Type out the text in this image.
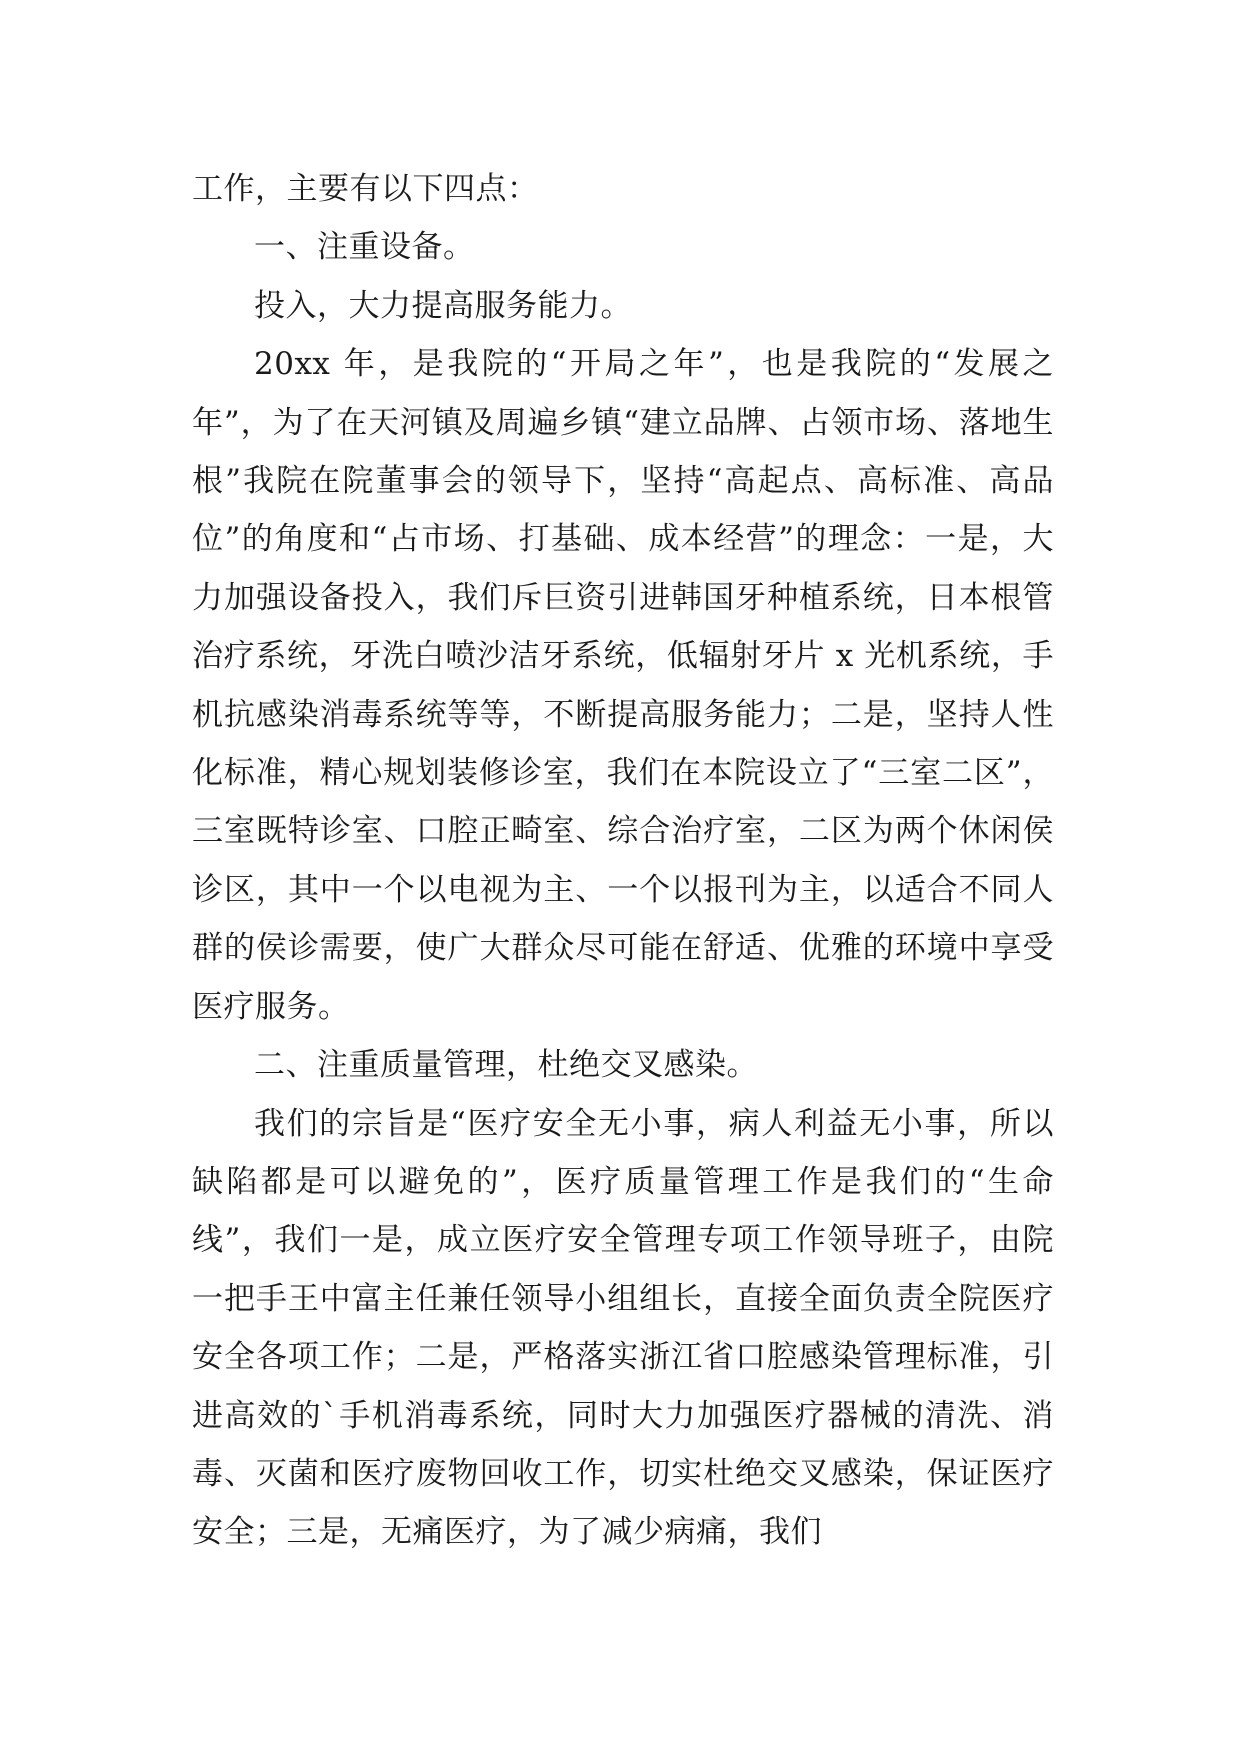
工作，主要有以下四点：

一、注重设备。

投入，大力提高服务能力。

20xx 年，是我院的“开局之年”，也是我院的“发展之年”，为了在天河镇及周遍乡镇“建立品牌、占领市场、落地生根”我院在院董事会的领导下，坚持“高起点、高标准、高品位”的角度和“占市场、打基础、成本经营”的理念：一是，大力加强设备投入，我们斥巨资引进韩国牙种植系统，日本根管治疗系统，牙洗白喷沙洁牙系统，低辐射牙片 x 光机系统，手机抗感染消毒系统等等，不断提高服务能力；二是，坚持人性化标准，精心规划装修诊室，我们在本院设立了“三室二区”，三室既特诊室、口腔正畸室、综合治疗室，二区为两个休闲侯诊区，其中一个以电视为主、一个以报刊为主，以适合不同人群的侯诊需要，使广大群众尽可能在舒适、优雅的环境中享受医疗服务。

二、注重质量管理，杜绝交叉感染。

我们的宗旨是“医疗安全无小事，病人利益无小事，所以缺陷都是可以避免的”，医疗质量管理工作是我们的“生命线”，我们一是，成立医疗安全管理专项工作领导班子，由院一把手王中富主任兼任领导小组组长，直接全面负责全院医疗安全各项工作；二是，严格落实浙江省口腔感染管理标准，引进高效的`手机消毒系统，同时大力加强医疗器械的清洗、消毒、灭菌和医疗废物回收工作，切实杜绝交叉感染，保证医疗安全；三是，无痛医疗，为了减少病痛，我们
